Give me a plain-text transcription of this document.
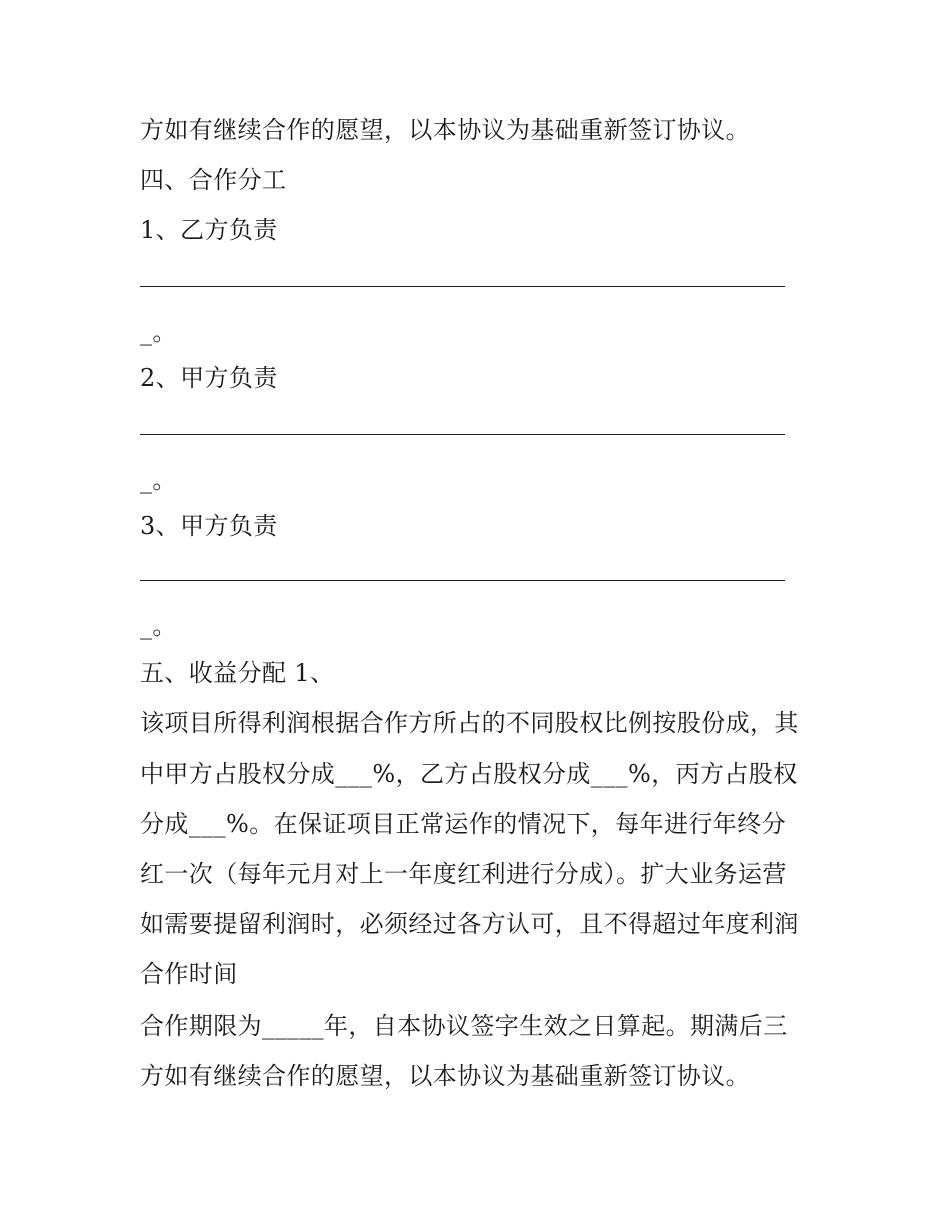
方如有继续合作的愿望，以本协议为基础重新签订协议。
四、合作分工
1、乙方负责
_。
2、甲方负责
_。
3、甲方负责
_。
五、收益分配 1、
该项目所得利润根据合作方所占的不同股权比例按股份成，其
中甲方占股权分成___%，乙方占股权分成___%，丙方占股权
分成___%。在保证项目正常运作的情况下，每年进行年终分
红一次（每年元月对上一年度红利进行分成）。扩大业务运营
如需要提留利润时，必须经过各方认可，且不得超过年度利润
合作时间
合作期限为_____年，自本协议签字生效之日算起。期满后三
方如有继续合作的愿望，以本协议为基础重新签订协议。
